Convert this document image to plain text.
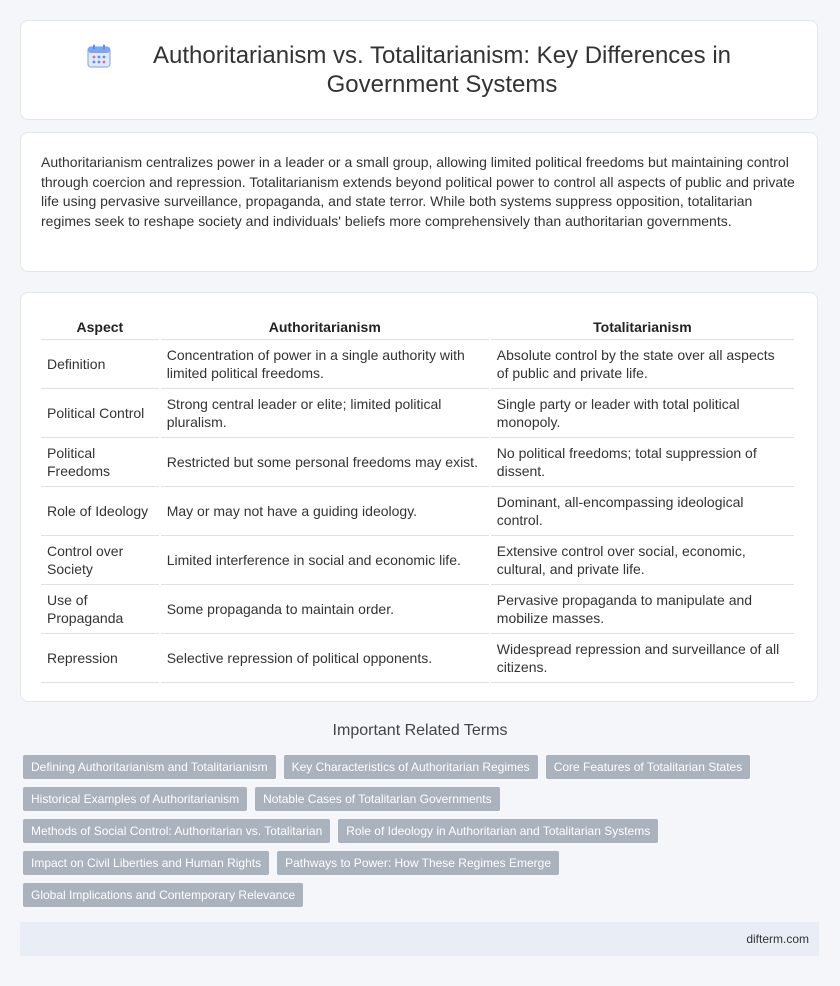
Authoritarianism vs. Totalitarianism: Key Differences in Government Systems

Authoritarianism centralizes power in a leader or a small group, allowing limited political freedoms but maintaining control through coercion and repression. Totalitarianism extends beyond political power to control all aspects of public and private life using pervasive surveillance, propaganda, and state terror. While both systems suppress opposition, totalitarian regimes seek to reshape society and individuals' beliefs more comprehensively than authoritarian governments.

Aspect	Authoritarianism	Totalitarianism
Definition	Concentration of power in a single authority with limited political freedoms.	Absolute control by the state over all aspects of public and private life.
Political Control	Strong central leader or elite; limited political pluralism.	Single party or leader with total political monopoly.
Political Freedoms	Restricted but some personal freedoms may exist.	No political freedoms; total suppression of dissent.
Role of Ideology	May or may not have a guiding ideology.	Dominant, all-encompassing ideological control.
Control over Society	Limited interference in social and economic life.	Extensive control over social, economic, cultural, and private life.
Use of Propaganda	Some propaganda to maintain order.	Pervasive propaganda to manipulate and mobilize masses.
Repression	Selective repression of political opponents.	Widespread repression and surveillance of all citizens.
Important Related Terms
Defining Authoritarianism and Totalitarianism	Key Characteristics of Authoritarian Regimes	Core Features of Totalitarian States
Historical Examples of Authoritarianism	Notable Cases of Totalitarian Governments
Methods of Social Control: Authoritarian vs. Totalitarian	Role of Ideology in Authoritarian and Totalitarian Systems
Impact on Civil Liberties and Human Rights	Pathways to Power: How These Regimes Emerge
Global Implications and Contemporary Relevance
difterm.com
